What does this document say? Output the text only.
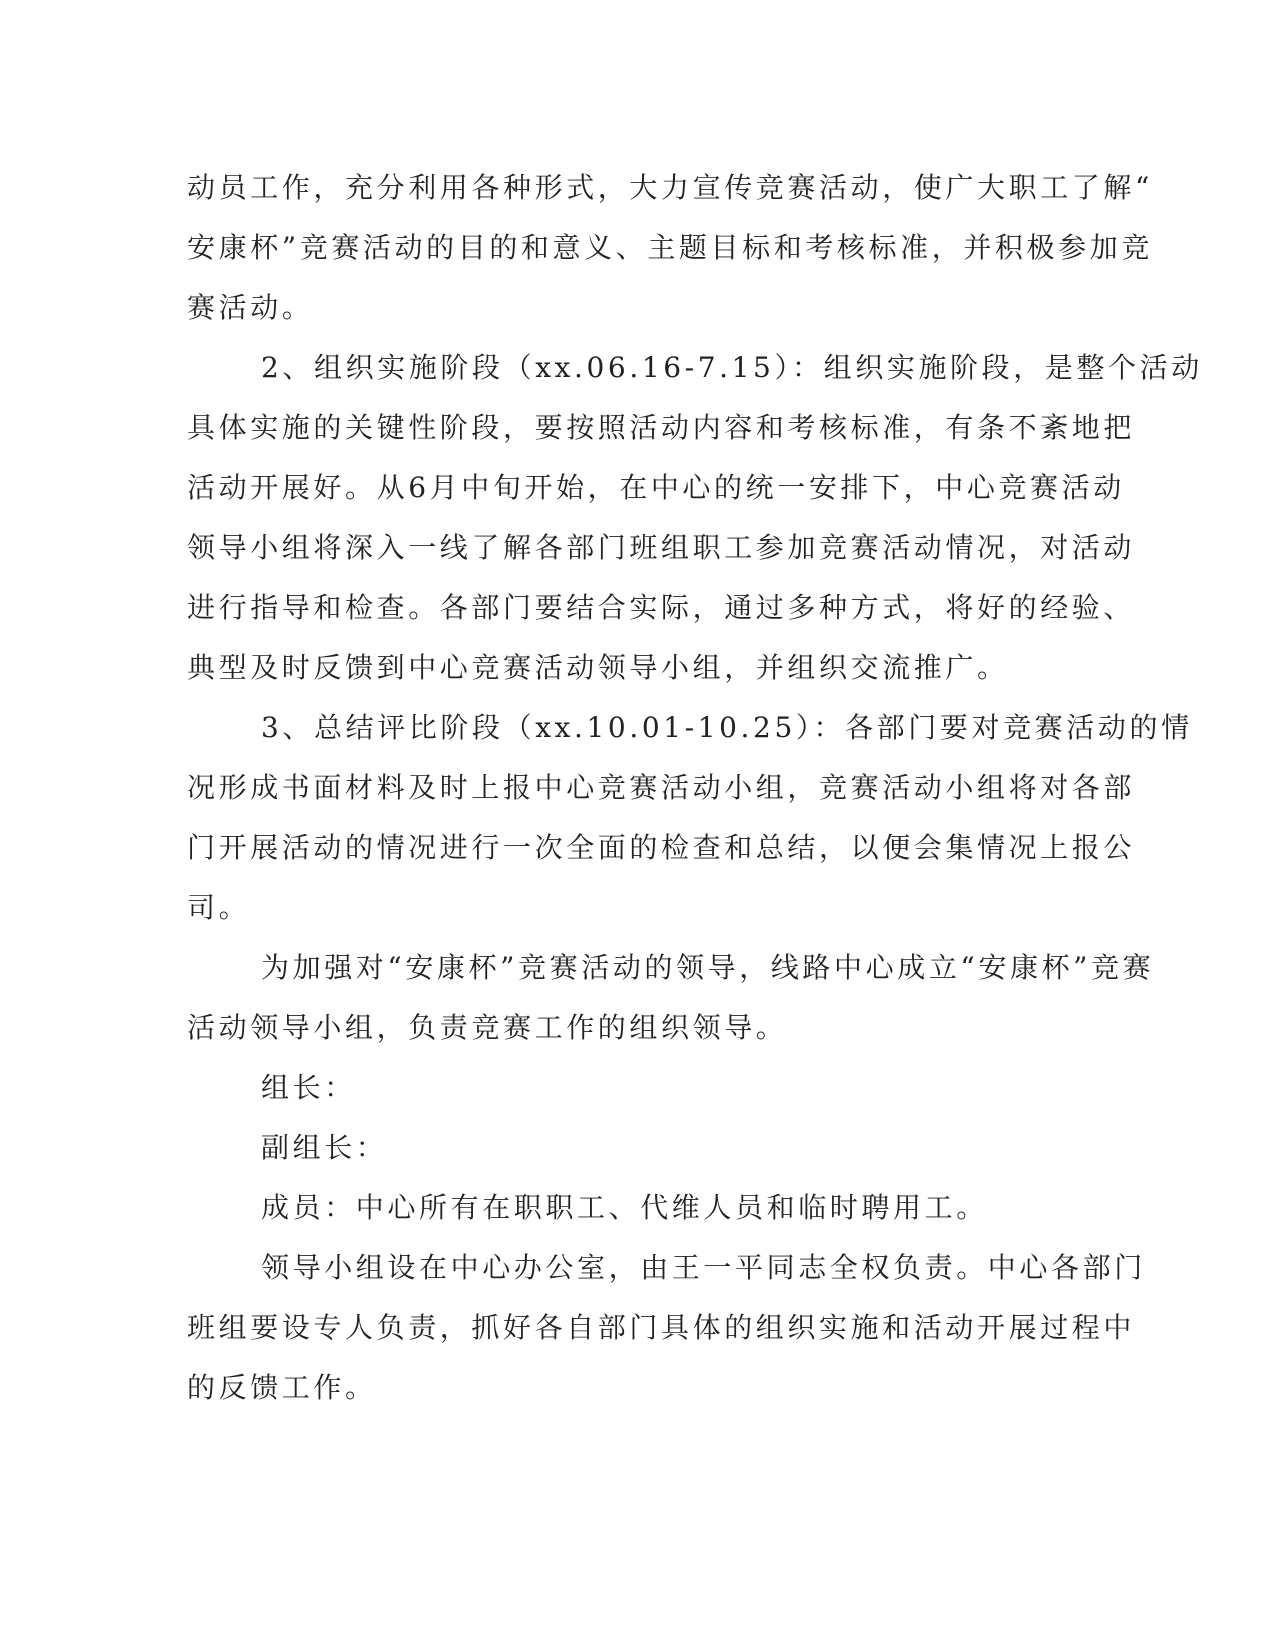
动员工作，充分利用各种形式，大力宣传竞赛活动，使广大职工了解“
安康杯”竞赛活动的目的和意义、主题目标和考核标准，并积极参加竞
赛活动。
2、组织实施阶段（xx.06.16-7.15）：组织实施阶段，是整个活动
具体实施的关键性阶段，要按照活动内容和考核标准，有条不紊地把
活动开展好。从6月中旬开始，在中心的统一安排下，中心竞赛活动
领导小组将深入一线了解各部门班组职工参加竞赛活动情况，对活动
进行指导和检查。各部门要结合实际，通过多种方式，将好的经验、
典型及时反馈到中心竞赛活动领导小组，并组织交流推广。
3、总结评比阶段（xx.10.01-10.25）：各部门要对竞赛活动的情
况形成书面材料及时上报中心竞赛活动小组，竞赛活动小组将对各部
门开展活动的情况进行一次全面的检查和总结，以便会集情况上报公
司。
为加强对“安康杯”竞赛活动的领导，线路中心成立“安康杯”竞赛
活动领导小组，负责竞赛工作的组织领导。
组长：
副组长：
成员：中心所有在职职工、代维人员和临时聘用工。
领导小组设在中心办公室，由王一平同志全权负责。中心各部门
班组要设专人负责，抓好各自部门具体的组织实施和活动开展过程中
的反馈工作。
